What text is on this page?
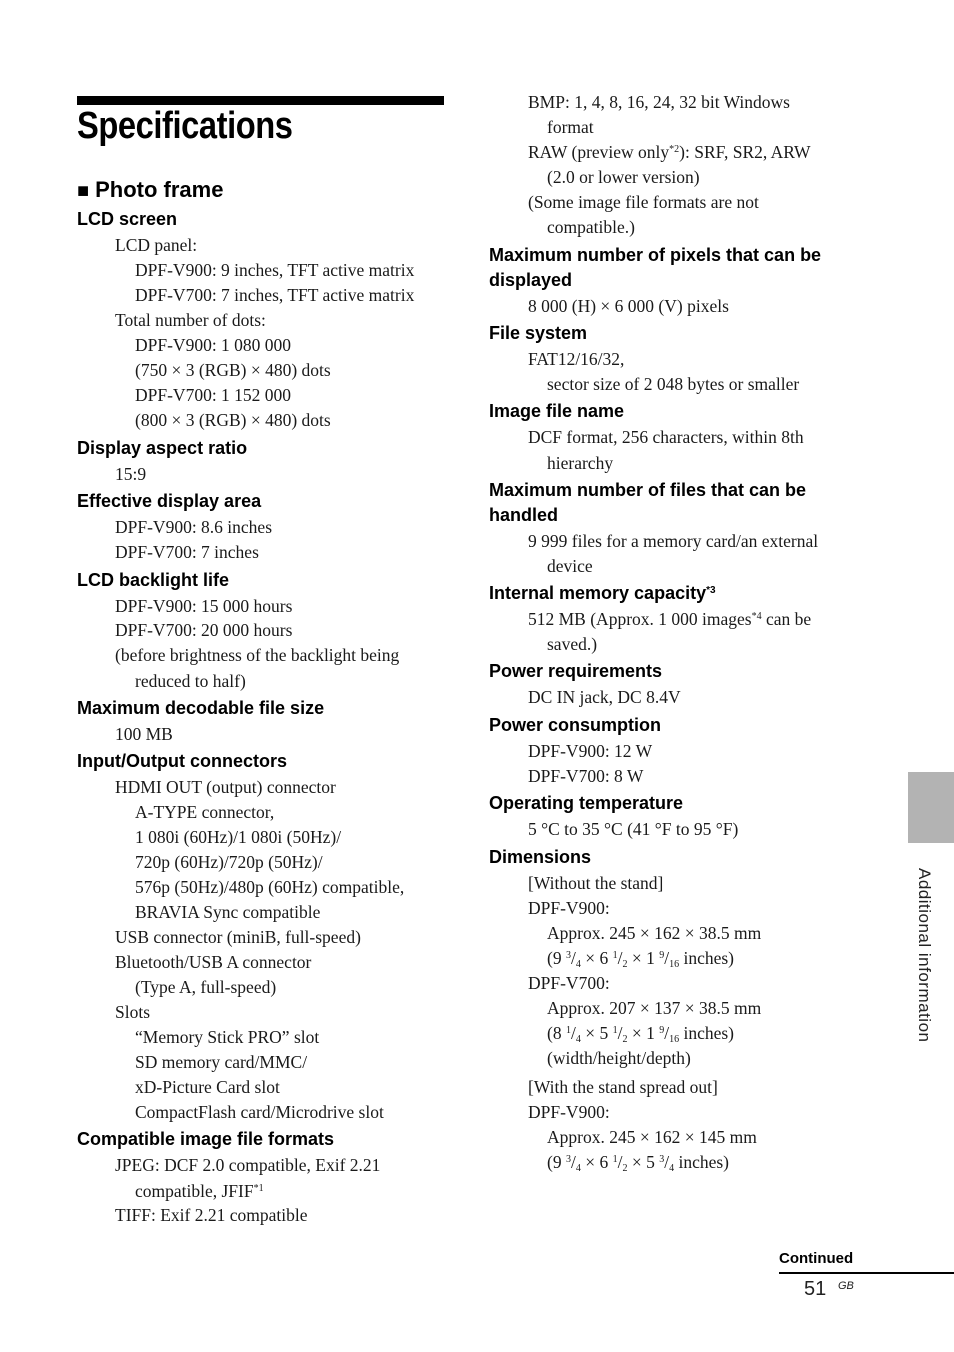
Specifications
■ Photo frame
LCD screen
LCD panel:
DPF-V900: 9 inches, TFT active matrix
DPF-V700: 7 inches, TFT active matrix
Total number of dots:
DPF-V900: 1 080 000
(750 × 3 (RGB) × 480) dots
DPF-V700: 1 152 000
(800 × 3 (RGB) × 480) dots
Display aspect ratio
15:9
Effective display area
DPF-V900: 8.6 inches
DPF-V700: 7 inches
LCD backlight life
DPF-V900: 15 000 hours
DPF-V700: 20 000 hours
(before brightness of the backlight being
reduced to half)
Maximum decodable file size
100 MB
Input/Output connectors
HDMI OUT (output) connector
A-TYPE connector,
1 080i (60Hz)/1 080i (50Hz)/
720p (60Hz)/720p (50Hz)/
576p (50Hz)/480p (60Hz) compatible,
BRAVIA Sync compatible
USB connector (miniB, full-speed)
Bluetooth/USB A connector
(Type A, full-speed)
Slots
“Memory Stick PRO” slot
SD memory card/MMC/
xD-Picture Card slot
CompactFlash card/Microdrive slot
Compatible image file formats
JPEG: DCF 2.0 compatible, Exif 2.21
compatible, JFIF$^{*1}$
TIFF: Exif 2.21 compatible
BMP: 1, 4, 8, 16, 24, 32 bit Windows
format
RAW (preview only$^{*2}$): SRF, SR2, ARW
(2.0 or lower version)
(Some image file formats are not
compatible.)
Maximum number of pixels that can be
displayed
8 000 (H) × 6 000 (V) pixels
File system
FAT12/16/32,
sector size of 2 048 bytes or smaller
Image file name
DCF format, 256 characters, within 8th
hierarchy
Maximum number of files that can be
handled
9 999 files for a memory card/an external
device
Internal memory capacity$^{*3}$
512 MB (Approx. 1 000 images$^{*4}$ can be
saved.)
Power requirements
DC IN jack, DC 8.4V
Power consumption
DPF-V900: 12 W
DPF-V700: 8 W
Operating temperature
5 °C to 35 °C (41 °F to 95 °F)
Dimensions
[Without the stand]
DPF-V900:
Approx. 245 × 162 × 38.5 mm
(9 $^3/_4 \times 6$ $^1/_2 \times 1$ $^9/_{16}$ inches)
DPF-V700:
Approx. 207 × 137 × 38.5 mm
(8 $^1/_4 \times 5$ $^1/_2 \times 1$ $^9/_{16}$ inches)
(width/height/depth)
[With the stand spread out]
DPF-V900:
Approx. 245 × 162 × 145 mm
(9 $^3/_4 \times 6$ $^1/_2 \times 5$ $^3/_4$ inches)
Additional information
Continued
51 GB
